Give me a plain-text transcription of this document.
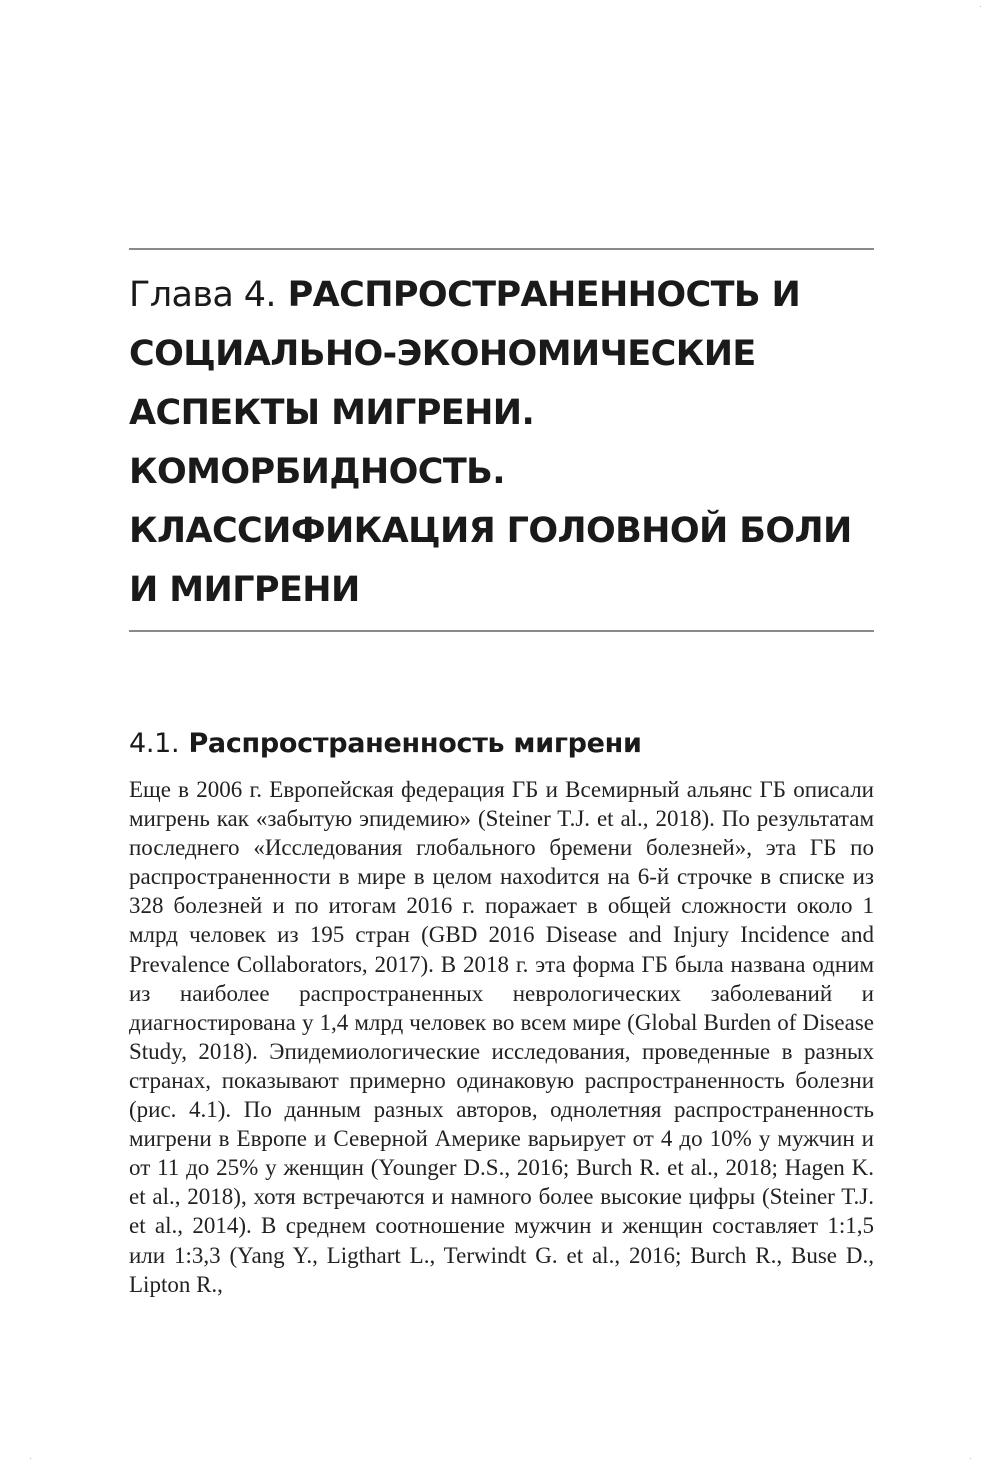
Глава 4. РАСПРОСТРАНЕННОСТЬ И СОЦИАЛЬНО-ЭКОНОМИЧЕСКИЕ АСПЕКТЫ МИГРЕНИ. КОМОРБИДНОСТЬ. КЛАССИФИКАЦИЯ ГОЛОВНОЙ БОЛИ И МИГРЕНИ
4.1. Распространенность мигрени

Еще в 2006 г. Европейская федерация ГБ и Всемирный альянс ГБ описали мигрень как «забытую эпидемию» (Steiner T.J. et al., 2018). По результатам последнего «Исследования глобального бремени болезней», эта ГБ по распространенности в мире в целом нахоdится на 6-й строчке в списке из 328 болезней и по итогам 2016 г. поражает в общей сложности около 1 млрд человек из 195 стран (GBD 2016 Disease and Injury Incidence and Prevalence Collaborators, 2017). В 2018 г. эта форма ГБ была названа одним из наиболее распространенных неврологических заболеваний и диагностирована у 1,4 млрд человек во всем мире (Global Burden of Disease Study, 2018). Эпидемиологические исследования, проведенные в разных странах, показывают примерно одинаковую распространенность болезни (рис. 4.1). По данным разных авторов, однолетняя распространенность мигрени в Европе и Северной Америке варьирует от 4 до 10% у мужчин и от 11 до 25% у женщин (Younger D.S., 2016; Burch R. et al., 2018; Hagen K. et al., 2018), хотя встречаются и намного более высокие цифры (Steiner T.J. et al., 2014). В среднем соотношение мужчин и женщин составляет 1:1,5 или 1:3,3 (Yang Y., Ligthart L., Terwindt G. et al., 2016; Burch R., Buse D., Lipton R.,
